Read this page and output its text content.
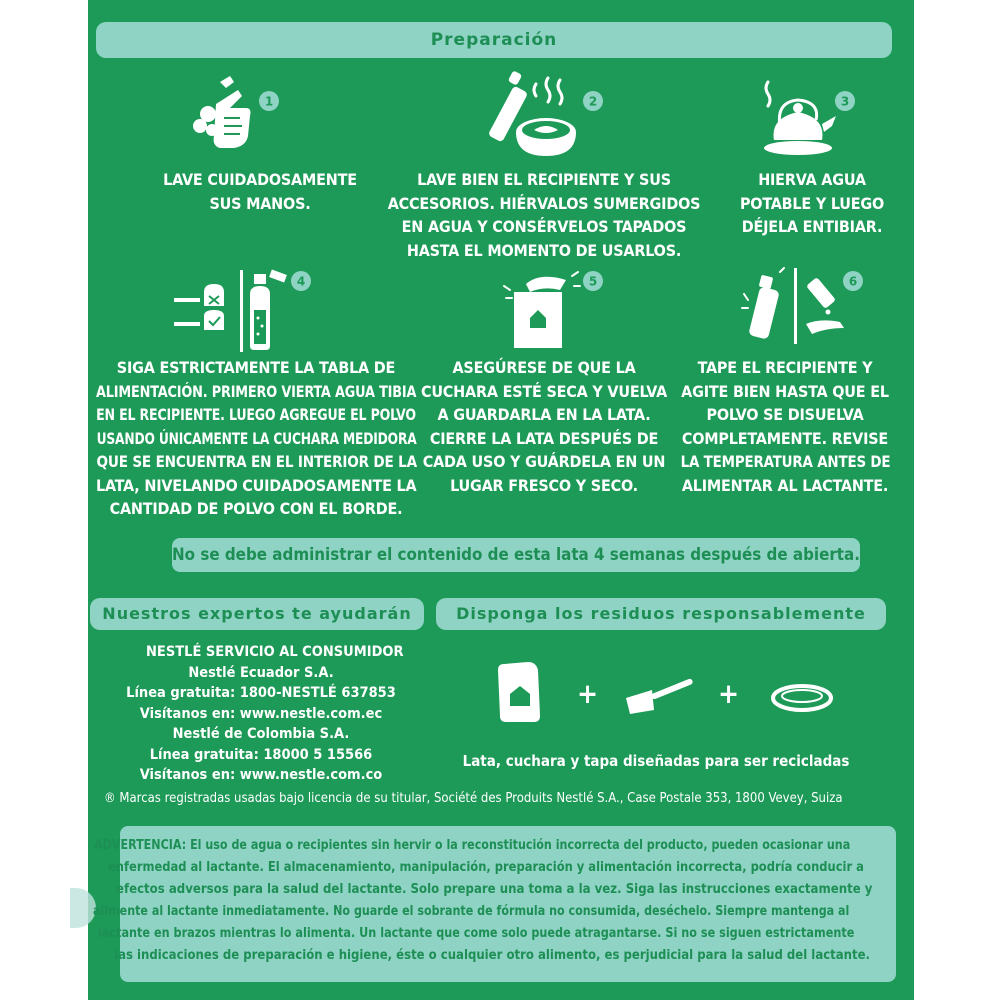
Preparación
1
LAVE CUIDADOSAMENTE
SUS MANOS.
2
LAVE BIEN EL RECIPIENTE Y SUS
ACCESORIOS. HIÉRVALOS SUMERGIDOS
EN AGUA Y CONSÉRVELOS TAPADOS
HASTA EL MOMENTO DE USARLOS.
3
HIERVA AGUA
POTABLE Y LUEGO
DÉJELA ENTIBIAR.
4
SIGA ESTRICTAMENTE LA TABLA DE
ALIMENTACIÓN. PRIMERO VIERTA AGUA TIBIA
EN EL RECIPIENTE. LUEGO AGREGUE EL POLVO
USANDO ÚNICAMENTE LA CUCHARA MEDIDORA
QUE SE ENCUENTRA EN EL INTERIOR DE LA
LATA, NIVELANDO CUIDADOSAMENTE LA
CANTIDAD DE POLVO CON EL BORDE.
5
ASEGÚRESE DE QUE LA
CUCHARA ESTÉ SECA Y VUELVA
A GUARDARLA EN LA LATA.
CIERRE LA LATA DESPUÉS DE
CADA USO Y GUÁRDELA EN UN
LUGAR FRESCO Y SECO.
6
TAPE EL RECIPIENTE Y
AGITE BIEN HASTA QUE EL
POLVO SE DISUELVA
COMPLETAMENTE. REVISE
LA TEMPERATURA ANTES DE
ALIMENTAR AL LACTANTE.
No se debe administrar el contenido de esta lata 4 semanas después de abierta.
Nuestros expertos te ayudarán	Disponga los residuos responsablemente
NESTLÉ SERVICIO AL CONSUMIDOR
Nestlé Ecuador S.A.
Línea gratuita: 1800-NESTLÉ 637853
Visítanos en: www.nestle.com.ec
Nestlé de Colombia S.A.
Línea gratuita: 18000 5 15566
Visítanos en: www.nestle.com.co
+	+
Lata, cuchara y tapa diseñadas para ser recicladas
® Marcas registradas usadas bajo licencia de su titular, Société des Produits Nestlé S.A., Case Postale 353, 1800 Vevey, Suiza
ADVERTENCIA: El uso de agua o recipientes sin hervir o la reconstitución incorrecta del producto, pueden ocasionar una
enfermedad al lactante. El almacenamiento, manipulación, preparación y alimentación incorrecta, podría conducir a
efectos adversos para la salud del lactante. Solo prepare una toma a la vez. Siga las instrucciones exactamente y
alimente al lactante inmediatamente. No guarde el sobrante de fórmula no consumida, deséchelo. Siempre mantenga al
lactante en brazos mientras lo alimenta. Un lactante que come solo puede atragantarse. Si no se siguen estrictamente
las indicaciones de preparación e higiene, éste o cualquier otro alimento, es perjudicial para la salud del lactante.
